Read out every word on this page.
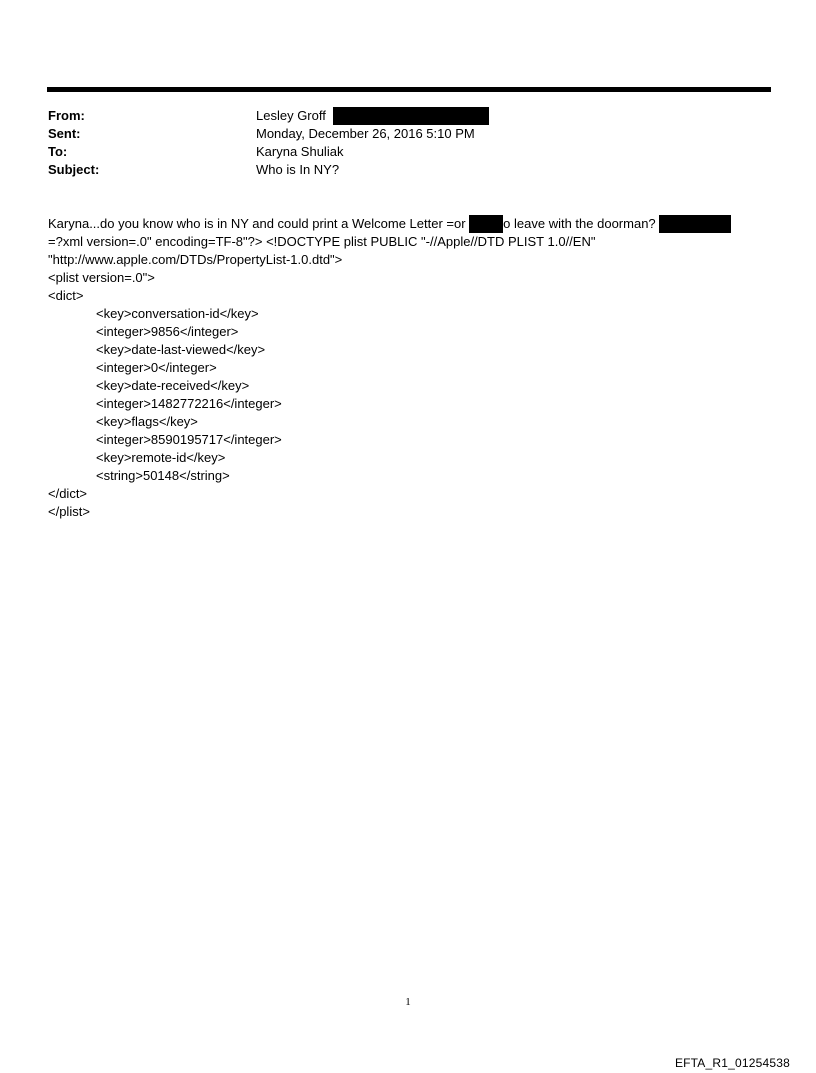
From:	Lesley Groff
Sent:	Monday, December 26, 2016 5:10 PM
To:	Karyna Shuliak
Subject:	Who is In NY?
Karyna...do you know who is in NY and could print a Welcome Letter =or	o leave with the doorman?
=?xml version=.0" encoding=TF-8"?> <!DOCTYPE plist PUBLIC "-//Apple//DTD PLIST 1.0//EN"
"http://www.apple.com/DTDs/PropertyList-1.0.dtd">
<plist version=.0">
<dict>
<key>conversation-id</key>
<integer>9856</integer>
<key>date-last-viewed</key>
<integer>0</integer>
<key>date-received</key>
<integer>1482772216</integer>
<key>flags</key>
<integer>8590195717</integer>
<key>remote-id</key>
<string>50148</string>
</dict>
</plist>
1
EFTA_R1_01254538
